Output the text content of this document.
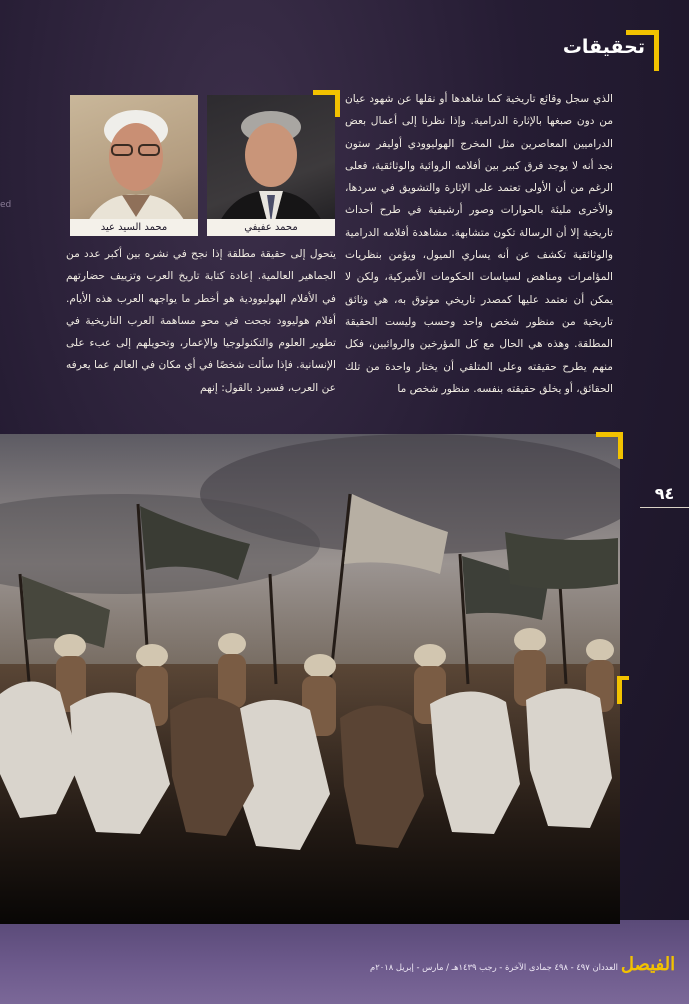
تحقيقات
ed
محمد السيد عيد	محمد عفيفي

الذي سجل وقائع تاريخية كما شاهدها أو نقلها عن شهود عيان من دون صبغها بالإثارة الدرامية. وإذا نظرنا إلى أعمال بعض الدراميين المعاصرين مثل المخرج الهوليوودي أوليفر ستون نجد أنه لا يوجد فرق كبير بين أفلامه الروائية والوثائقية، فعلى الرغم من أن الأولى تعتمد على الإثارة والتشويق في سردها، والأخرى مليئة بالحوارات وصور أرشيفية في طرح أحداث تاريخية إلا أن الرسالة تكون متشابهة. مشاهدة أفلامه الدرامية والوثائقية تكشف عن أنه يساري الميول، ويؤمن بنظريات المؤامرات ومناهض لسياسات الحكومات الأميركية، ولكن لا يمكن أن نعتمد عليها كمصدر تاريخي موثوق به، هي وثائق تاريخية من منظور شخص واحد وحسب وليست الحقيقة المطلقة. وهذه هي الحال مع كل المؤرخين والروائيين، فكل منهم يطرح حقيقته وعلى المتلقي أن يختار واحدة من تلك الحقائق، أو يخلق حقيقته بنفسه. منظور شخص ما

يتحول إلى حقيقة مطلقة إذا نجح في نشره بين أكبر عدد من الجماهير العالمية. إعادة كتابة تاريخ العرب وتزييف حضارتهم في الأفلام الهوليوودية هو أخطر ما يواجهه العرب هذه الأيام. أفلام هوليوود نجحت في محو مساهمة العرب التاريخية في تطوير العلوم والتكنولوجيا والإعمار، وتحويلهم إلى عبء على الإنسانية. فإذا سألت شخصًا في أي مكان في العالم عما يعرفه عن العرب، فسيرد بالقول: إنهم

٩٤
العددان ٤٩٧ - ٤٩٨ جمادى الآخرة - رجب ١٤٣٩هـ / مارس - إبريل ٢٠١٨م الفيصل
